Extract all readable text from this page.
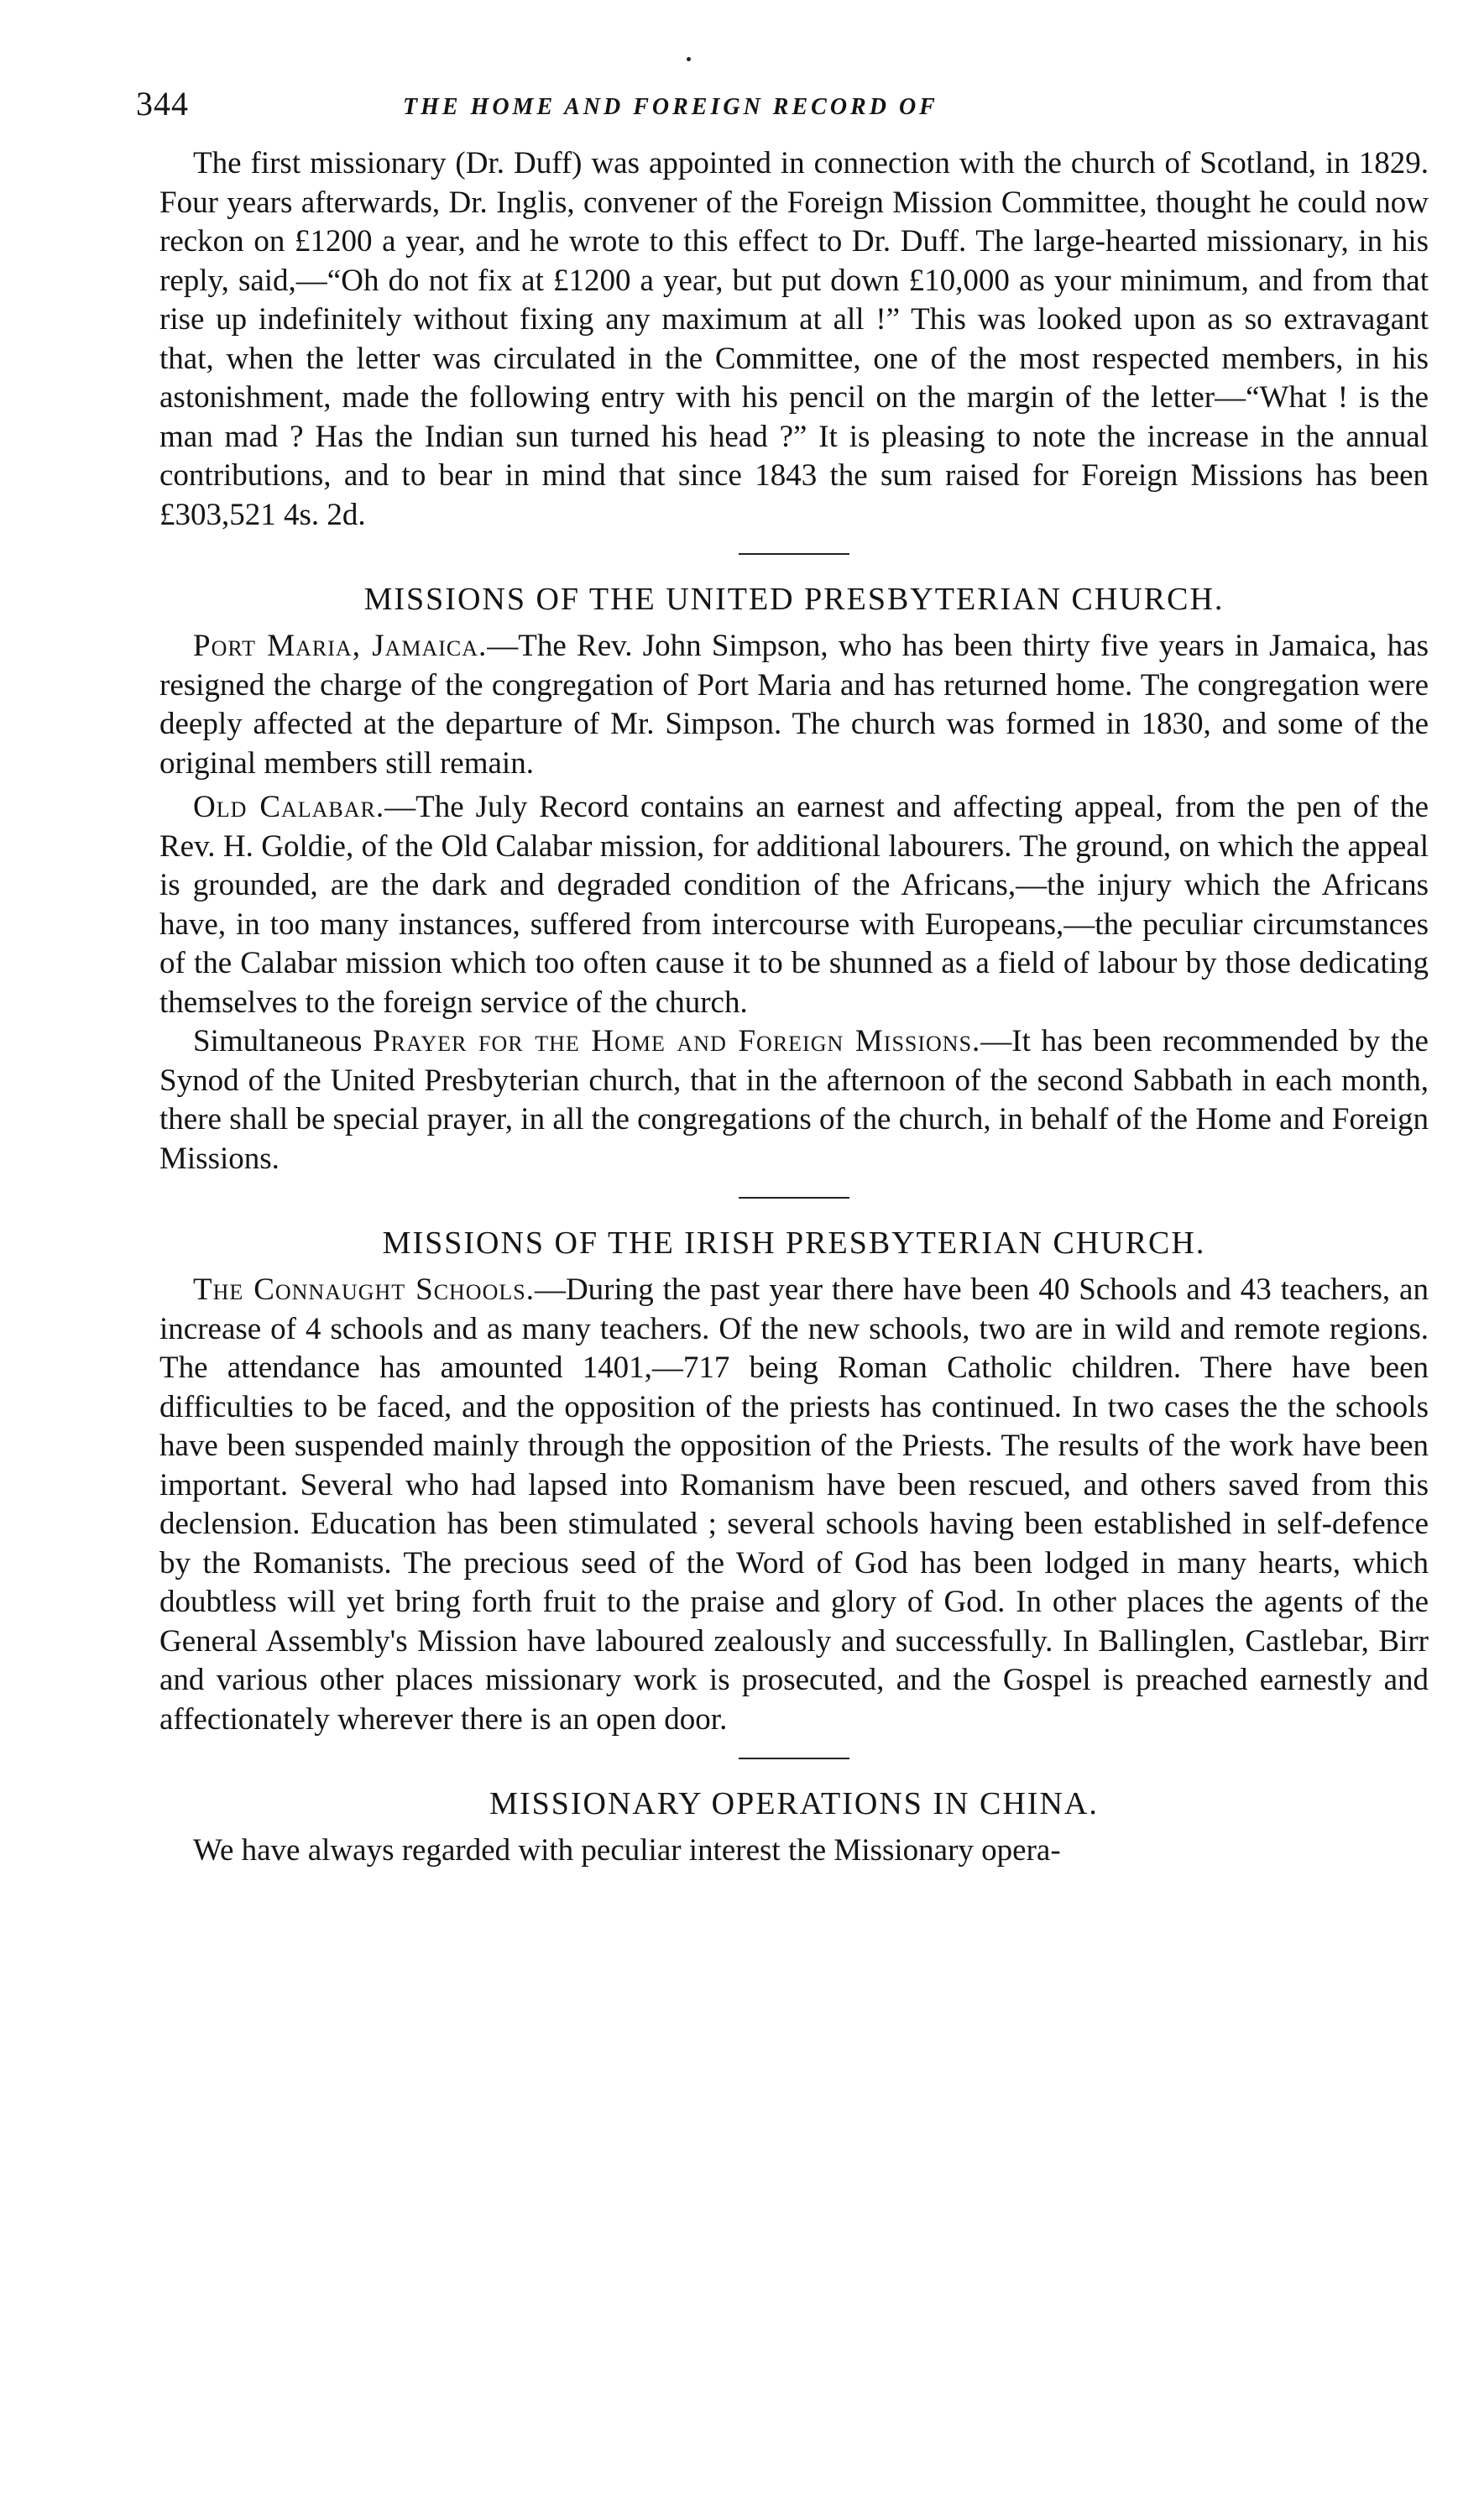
344	THE HOME AND FOREIGN RECORD OF

The first missionary (Dr. Duff) was appointed in connection with the church of Scotland, in 1829. Four years afterwards, Dr. Inglis, convener of the Foreign Mission Committee, thought he could now reckon on £1200 a year, and he wrote to this effect to Dr. Duff. The large-hearted missionary, in his reply, said,—“Oh do not fix at £1200 a year, but put down £10,000 as your minimum, and from that rise up indefinitely without fixing any maximum at all !” This was looked upon as so extravagant that, when the letter was circulated in the Committee, one of the most respected members, in his astonishment, made the following entry with his pencil on the margin of the letter—“What ! is the man mad ? Has the Indian sun turned his head ?” It is pleasing to note the increase in the annual contributions, and to bear in mind that since 1843 the sum raised for Foreign Missions has been £303,521 4s. 2d.

MISSIONS OF THE UNITED PRESBYTERIAN CHURCH.

Port Maria, Jamaica.—The Rev. John Simpson, who has been thirty five years in Jamaica, has resigned the charge of the congregation of Port Maria and has returned home. The congregation were deeply affected at the departure of Mr. Simpson. The church was formed in 1830, and some of the original members still remain.

Old Calabar.—The July Record contains an earnest and affecting appeal, from the pen of the Rev. H. Goldie, of the Old Calabar mission, for additional labourers. The ground, on which the appeal is grounded, are the dark and degraded condition of the Africans,—the injury which the Africans have, in too many instances, suffered from intercourse with Europeans,—the peculiar circumstances of the Calabar mission which too often cause it to be shunned as a field of labour by those dedicating themselves to the foreign service of the church.

Simultaneous Prayer for the Home and Foreign Missions.—It has been recommended by the Synod of the United Presbyterian church, that in the afternoon of the second Sabbath in each month, there shall be special prayer, in all the congregations of the church, in behalf of the Home and Foreign Missions.

MISSIONS OF THE IRISH PRESBYTERIAN CHURCH.

The Connaught Schools.—During the past year there have been 40 Schools and 43 teachers, an increase of 4 schools and as many teachers. Of the new schools, two are in wild and remote regions. The attendance has amounted 1401,—717 being Roman Catholic children. There have been difficulties to be faced, and the opposition of the priests has continued. In two cases the the schools have been suspended mainly through the opposition of the Priests. The results of the work have been important. Several who had lapsed into Romanism have been rescued, and others saved from this declension. Education has been stimulated ; several schools having been established in self-defence by the Romanists. The precious seed of the Word of God has been lodged in many hearts, which doubtless will yet bring forth fruit to the praise and glory of God. In other places the agents of the General Assembly's Mission have laboured zealously and successfully. In Ballinglen, Castlebar, Birr and various other places missionary work is prosecuted, and the Gospel is preached earnestly and affectionately wherever there is an open door.

MISSIONARY OPERATIONS IN CHINA.

We have always regarded with peculiar interest the Missionary opera-
